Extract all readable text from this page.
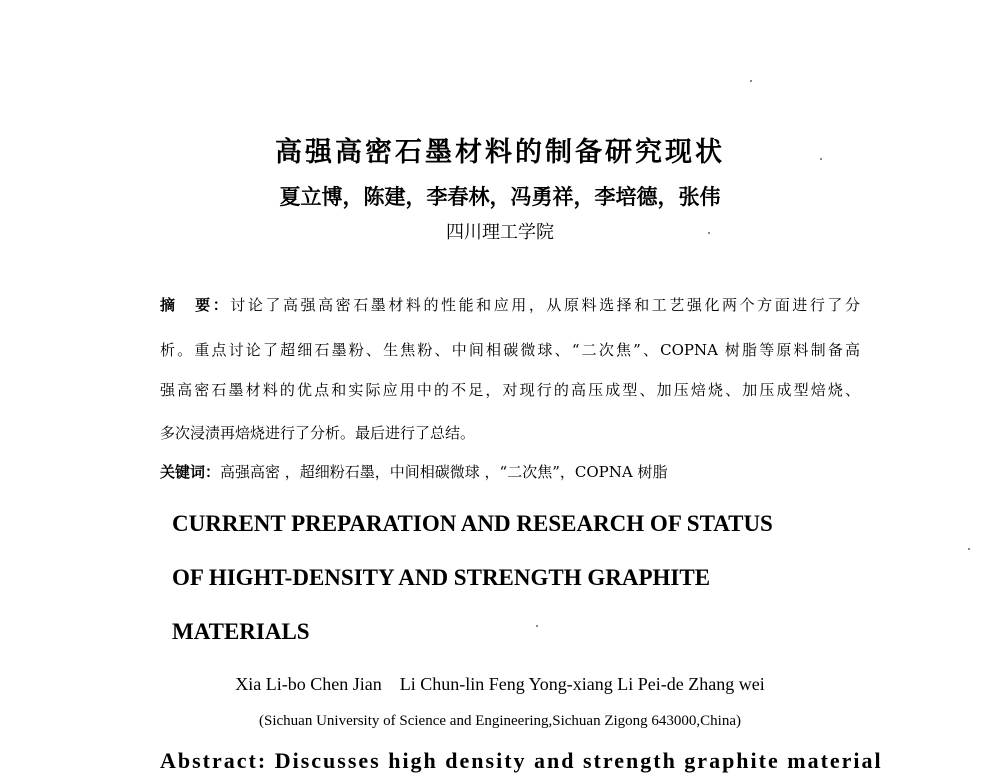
高强高密石墨材料的制备研究现状
夏立博，陈建，李春林，冯勇祥，李培德，张伟
四川理工学院
摘　要：讨论了高强高密石墨材料的性能和应用，从原料选择和工艺强化两个方面进行了分
析。重点讨论了超细石墨粉、生焦粉、中间相碳微球、“二次焦”、COPNA 树脂等原料制备高
强高密石墨材料的优点和实际应用中的不足，对现行的高压成型、加压焙烧、加压成型焙烧、
多次浸渍再焙烧进行了分析。最后进行了总结。
关键词：高强高密 ，超细粉石墨，中间相碳微球 ，“二次焦”，COPNA 树脂
CURRENT PREPARATION AND RESEARCH OF STATUS
OF HIGHT-DENSITY AND STRENGTH GRAPHITE
MATERIALS
Xia Li-bo Chen Jian　Li Chun-lin Feng Yong-xiang Li Pei-de Zhang wei
(Sichuan University of Science and Engineering,Sichuan Zigong 643000,China)
Abstract: Discusses high density and strength graphite material
